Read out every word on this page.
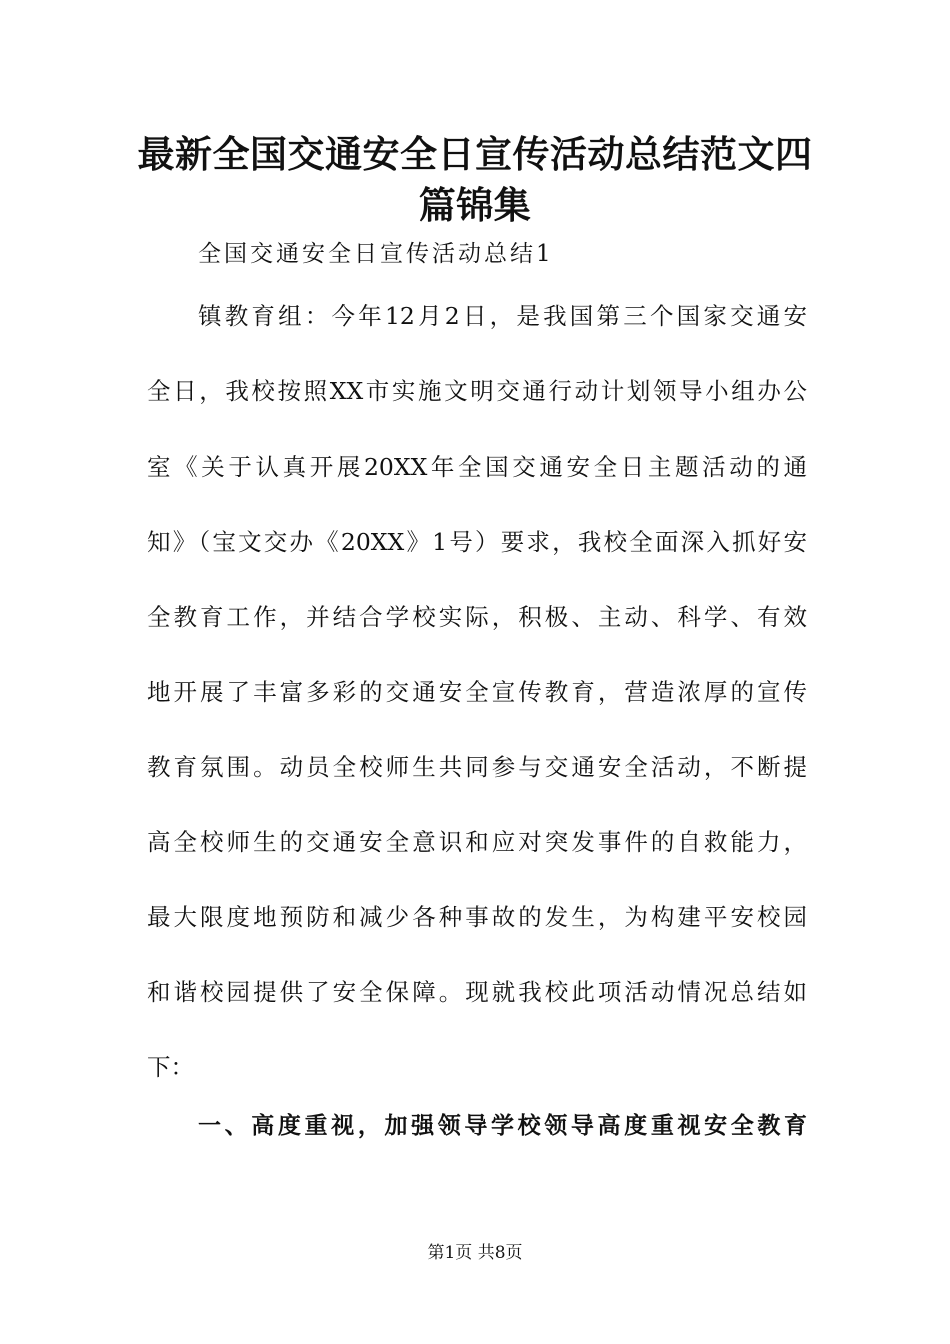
最新全国交通安全日宣传活动总结范文四
篇锦集
全国交通安全日宣传活动总结1
镇教育组：今年12月2日，是我国第三个国家交通安
全日，我校按照XX市实施文明交通行动计划领导小组办公
室《关于认真开展20XX年全国交通安全日主题活动的通
知》（宝文交办《20XX》1号）要求，我校全面深入抓好安
全教育工作，并结合学校实际，积极、主动、科学、有效
地开展了丰富多彩的交通安全宣传教育，营造浓厚的宣传
教育氛围。动员全校师生共同参与交通安全活动，不断提
高全校师生的交通安全意识和应对突发事件的自救能力，
最大限度地预防和减少各种事故的发生，为构建平安校园
和谐校园提供了安全保障。现就我校此项活动情况总结如
下：
一、高度重视，加强领导学校领导高度重视安全教育
第1页 共8页
